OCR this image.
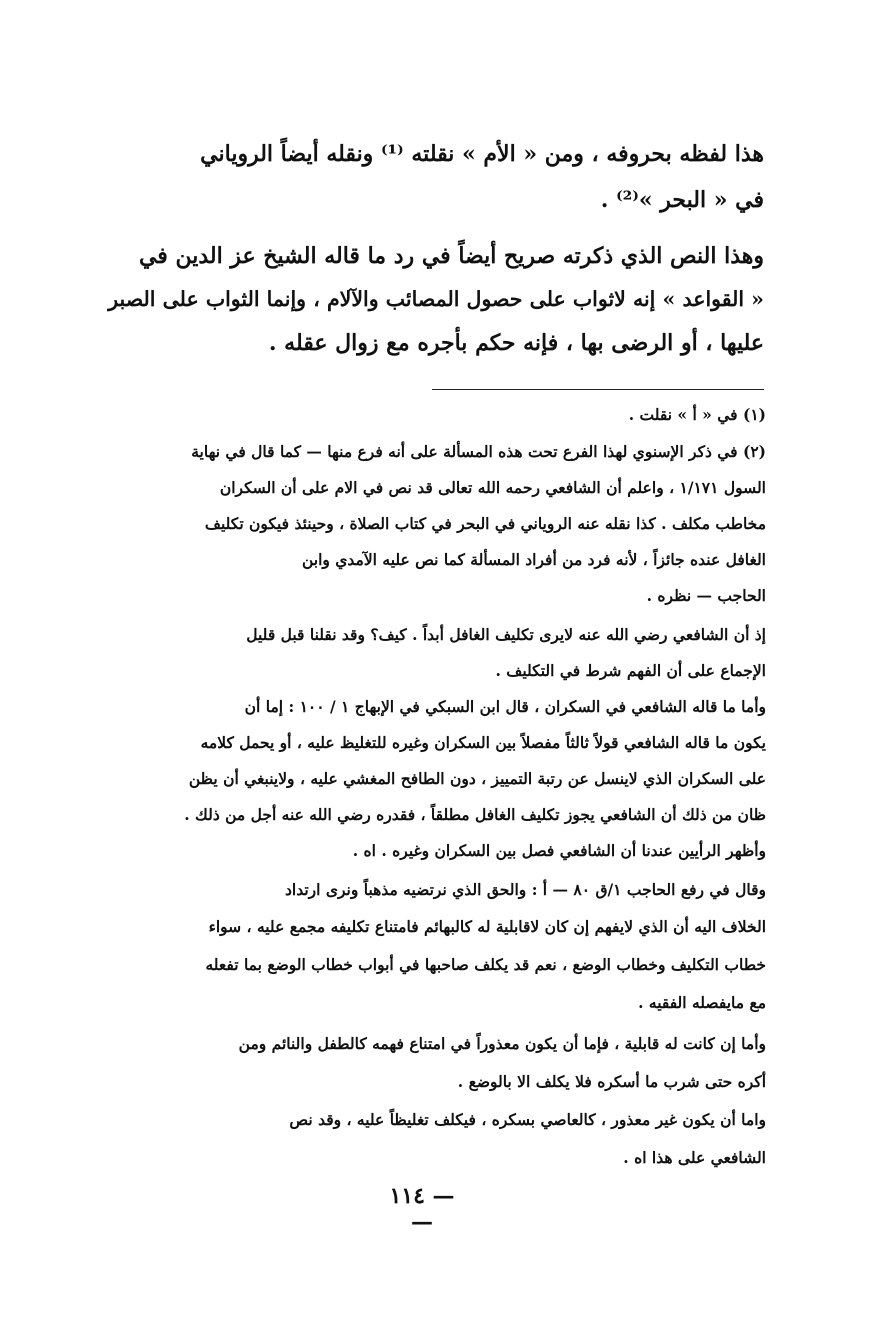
هذا لفظه بحروفه ، ومن « الأم » نقلته ⁽¹⁾ ونقله أيضاً الروياني

في « البحر »⁽²⁾ .

وهذا النص الذي ذكرته صريح أيضاً في رد ما قاله الشيخ عز الدين في

« القواعد » إنه لاثواب على حصول المصائب والآلام ، وإنما الثواب على الصبر

عليها ، أو الرضى بها ، فإنه حكم بأجره مع زوال عقله .

(١) في « أ » نقلت .

(٢) في ذكر الإسنوي لهذا الفرع تحت هذه المسألة على أنه فرع منها — كما قال في نهاية

السول ١/١٧١ ، واعلم أن الشافعي رحمه الله تعالى قد نص في الام على أن السكران

مخاطب مكلف . كذا نقله عنه الروياني في البحر في كتاب الصلاة ، وحينئذ فيكون تكليف

الغافل عنده جائزاً ، لأنه فرد من أفراد المسألة كما نص عليه الآمدي وابن

الحاجب — نظره .

إذ أن الشافعي رضي الله عنه لايرى تكليف الغافل أبداً . كيف؟ وقد نقلنا قبل قليل

الإجماع على أن الفهم شرط في التكليف .

وأما ما قاله الشافعي في السكران ، قال ابن السبكي في الإبهاج ١ / ١٠٠ : إما أن

يكون ما قاله الشافعي قولاً ثالثاً مفصلاً بين السكران وغيره للتغليظ عليه ، أو يحمل كلامه

على السكران الذي لاينسل عن رتبة التمييز ، دون الطافح المغشي عليه ، ولاينبغي أن يظن

ظان من ذلك أن الشافعي يجوز تكليف الغافل مطلقاً ، فقدره رضي الله عنه أجل من ذلك .

وأظهر الرأيين عندنا أن الشافعي فصل بين السكران وغيره . اه .

وقال في رفع الحاجب ١/ق ٨٠ — أ : والحق الذي نرتضيه مذهباً ونرى ارتداد

الخلاف اليه أن الذي لايفهم إن كان لاقابلية له كالبهائم فامتناع تكليفه مجمع عليه ، سواء

خطاب التكليف وخطاب الوضع ، نعم قد يكلف صاحبها في أبواب خطاب الوضع بما تفعله

مع مايفصله الفقيه .

وأما إن كانت له قابلية ، فإما أن يكون معذوراً في امتناع فهمه كالطفل والنائم ومن

أكره حتى شرب ما أسكره فلا يكلف الا بالوضع .

واما أن يكون غير معذور ، كالعاصي بسكره ، فيكلف تغليظاً عليه ، وقد نص

الشافعي على هذا اه .

— ١١٤ —
